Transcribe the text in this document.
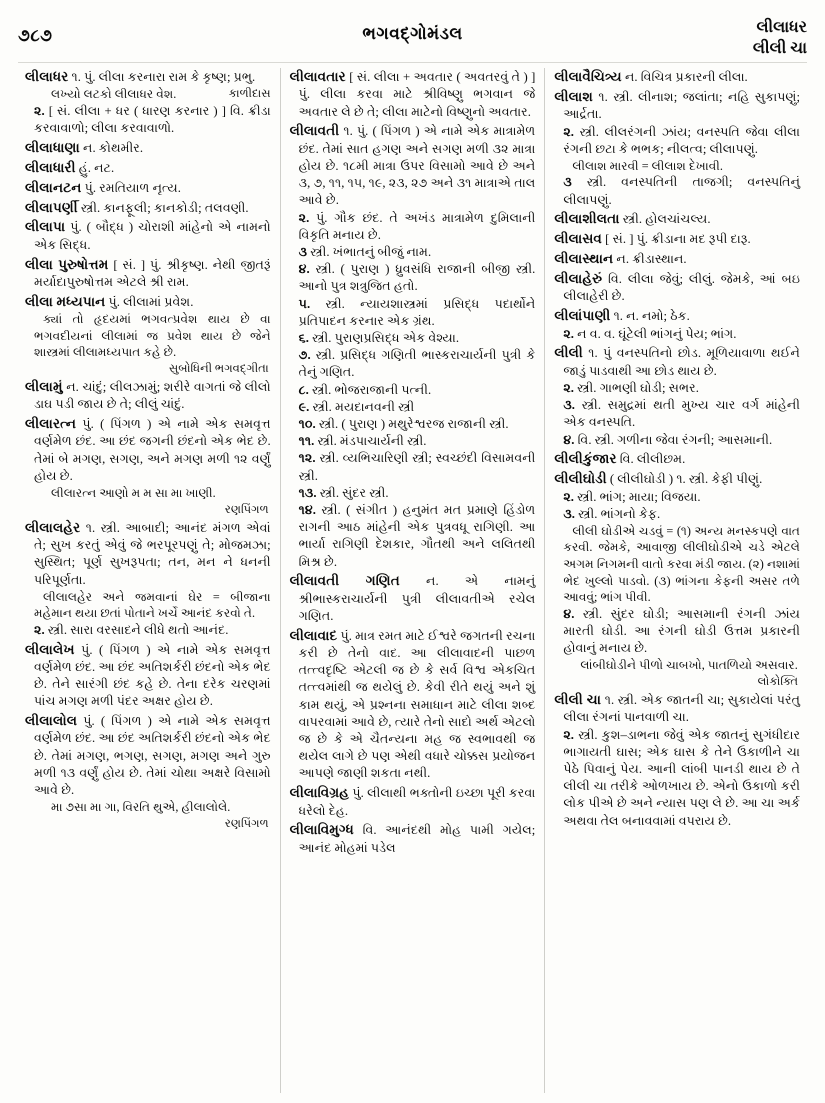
૭૮૭	ભગવદ્ગોમંડલ	લીલાધર
લીલી ચા

લીલાધર ૧. પું. લીલા કરનારા રામ કે કૃષ્ણ; પ્રભુ.

કાળીદાસ
લખ્યો લટકો લીલાધર વેશ.

૨. [ સં. લીલા + ધર ( ધારણ કરનાર ) ] વિ. ક્રીડા કરવાવાળો; લીલા કરવાવાળો.

લીલાધાણા ન. કોથમીર.

લીલાધારી હું. નટ.

લીલાનટન પુંં. રમતિયાળ નૃત્ય.

લીલાપર્ણી સ્ત્રી. કાનફૂલી; કાનકોડી; તલવણી.

લીલાપા પુંં. ( બૌદ્ધ ) ચોરાશી માંહેનો એ નામનો એક સિદ્ધ.

લીલા પુરુષોત્તમ [ સં. ] પું. શ્રીકૃષ્ણ. નેથી જીતરૂં મર્યાદાપુરુષોત્તમ એટલે શ્રી રામ.

લીલા મધ્યપાન પુંં. લીલામાં પ્રવેશ.

ક્યાં તો હૃદયમાં ભગવત્પ્રવેશ થાય છે વા ભગવદીયનાં લીલામાં જ પ્રવેશ થાય છે જેને શાસ્ત્રમાં લીલામધ્યપાત કહે છે.

સુબોધિની ભગવદ્‌ગીતા

લીલામું ન. ચાંદું; લીલઝામું; શરીરે વાગતાં જે લીલો ડાઘ પડી જાય છે તે; લીલું ચાંદું.

લીલારત્ન પુંં. ( પિંગળ ) એ નામે એક સમવૃત્ત વર્ણમેળ છંદ. આ છંદ જગની છંદનો એક ભેદ છે. તેમાં બે મગણ, સગણ, અને મગણ મળી ૧૨ વર્ણું હોય છે.

લીલારત્ન આણો મ મ સા મા ખાણી.

રણપિંગળ

લીલાલહેર ૧. સ્ત્રી. આબાદી; આનંદ મંગળ એવાં તે; સુખ કરતું એવું જે ભરપૂરપણું તે; મોજમઝા; સુસ્થિત; પૂર્ણ સુખરૂપતા; તન, મન ને ધનની પરિપૂર્ણતા.

લીલાલહેર અને જમવાનાં ઘેર = બીજાના મહેમાન થયા છતાં પોતાને ખર્ચે આનંદ કરવો તે.

૨. સ્ત્રી. સારા વરસાદને લીધે થતો આનંદ.

લીલાલેખ પુંં. ( પિંગળ ) એ નામે એક સમવૃત્ત વર્ણમેળ છંદ. આ છંદ અતિશર્કરી છંદનો એક ભેદ છે. તેને સારંગી છંદ કહે છે. તેના દરેક ચરણમાં પાંચ મગણ મળી પંદર અક્ષર હોય છે.

લીલાલોલ પુંં. ( પિંગળ ) એ નામે એક સમવૃત્ત વર્ણમેળ છંદ. આ છંદ અતિશર્કરી છંદનો એક ભેદ છે. તેમાં મગણ, ભગણ, સગણ, મગણ અને ગુરુ મળી ૧૩ વર્ણું હોય છે. તેમાં ચોથા અક્ષરે વિસામો આવે છે.

મા ૭સા મા ગા, વિરતિ થુએ, હીલાલોલે.

રણપિંગળ

લીલાવતાર [ સં. લીલા + અવતાર ( અવતરવું તે ) ] પુંં. લીલા કરવા માટે શ્રીવિષ્ણુ ભગવાન જે અવતાર લે છે તે; લીલા માટેનો વિષ્ણુનો અવતાર.

લીલાવતી ૧. પું. ( પિંગળ ) એ નામે એક માત્રામેળ છંદ. તેમાં સાત હગણ અને સગણ મળી ૩૨ માત્રા હોય છે. ૧૮મી માત્રા ઉપર વિસામો આવે છે અને ૩, ૭, ૧૧, ૧૫, ૧૯, ૨૩, ૨૭ અને ૩૧ માત્રાએ તાલ આવે છે.

૨. પુંં. ગૌક છંદ. તે અખંડ માત્રામેળ દુમિલાની વિકૃતિ મનાય છે.

૩ સ્ત્રી. ખંભાતનું બીજું નામ.

૪. સ્ત્રી. ( પુરાણ ) ધ્રુવસંધિ રાજાની બીજી સ્ત્રી. આનો પુત્ર શત્રુજિત હતો.

૫. સ્ત્રી. ન્યાયશાસ્ત્રમાં પ્રસિદ્ધ પદાર્થોને પ્રતિપાદન કરનાર એક ગ્રંથ.

૬. સ્ત્રી. પુરાણપ્રસિદ્ધ એક વેશ્યા.

૭. સ્ત્રી. પ્રસિદ્ધ ગણિતી ભાસ્કરાચાર્યની પુત્રી કે તેનું ગણિત.

૮. સ્ત્રી. ભોજરાજાની પત્ની.

૯. સ્ત્રી. મયદાનવની સ્ત્રી

૧૦. સ્ત્રી. ( પુરાણ ) મથુરેશ્વરજ રાજાની સ્ત્રી.

૧૧. સ્ત્રી. મંડપાચાર્યની સ્ત્રી.

૧૨. સ્ત્રી. વ્યભિચારિણી સ્ત્રી; સ્વચ્છંદી વિસામવની સ્ત્રી.

૧૩. સ્ત્રી. સુંદર સ્ત્રી.

૧૪. સ્ત્રી. ( સંગીત ) હનુમંત મત પ્રમાણે હિંડોળ રાગની આઠ માંહેની એક પુત્રવધૂ રાગિણી. આ ભાર્યા રાગિણી દેશકાર, ગૌતથી અને લલિતથી મિશ્ર છે.

લીલાવતી ગણિત ન. એ નામનું શ્રીભાસ્કરાચાર્યની પુત્રી લીલાવતીએ રચેલ ગણિત.

લીલાવાદ પુંં. માત્ર રમત માટે ઈશ્વરે જગતની રચના કરી છે તેનો વાદ. આ લીલાવાદની પાછળ તત્ત્વદૃષ્ટિ એટલી જ છે કે સર્વ વિશ્વ એકચિત તત્ત્વમાંથી જ થયેલું છે. કેવી રીતે થયું અને શું કામ થયું, એ પ્રશ્નના સમાધાન માટે લીલા શબ્દ વાપરવામાં આવે છે, ત્યારે તેનો સાદો અર્થ એટલો જ છે કે એ ચૈતન્યના મહ જ સ્વભાવથી જ થયેલ લાગે છે પણ એથી વધારે ચોક્કસ પ્રયોજન આપણે જાણી શકતા નથી.

લીલાવિગ્રહ પુંં. લીલાથી ભક્તોની ઇચ્છા પૂરી કરવા ધરેલો દેહ.

લીલાવિમુગ્ધ વિ. આનંદથી મોહ પામી ગયેલ; આનંદ મોહમાં પડેલ

લીલાવૈચિત્ર્ય ન. વિચિત્ર પ્રકારની લીલા.

લીલાશ ૧. સ્ત્રી. લીનાશ; જલાંતા; નહિ સુકાપણું; આર્દ્રતા.

૨. સ્ત્રી. લીલરંગની ઝાંય; વનસ્પતિ જેવા લીલા રંગની છટા કે ભભક; નીલત્વ; લીલાપણું.

લીલાશ મારવી = લીલાશ દેખાવી.

૩ સ્ત્રી. વનસ્પતિની તાજગી; વનસ્પતિનું લીલાપણું.

લીલાશીલતા સ્ત્રી. હોલચાંચલ્ય.

લીલાસવ [ સં. ] પુંં. ક્રીડાના મદ રૂપી દારૂ.

લીલાસ્થાન ન. ક્રીડાસ્થાન.

લીલાહેરું વિ. લીલા જેવું; લીલું. જેમકે, આં બઇ લીલાહેરી છે.

લીલાંપાણી ૧. ન. નમો; ઠેક.

૨. ન વ. વ. ઘૂંટેલી ભાંગનું પેય; ભાંગ.

લીલી ૧. પુંં વનસ્પતિનો છોડ. મૂળિયાવાળા થઈને જાડું પાડવાથી આ છોડ થાય છે.

૨. સ્ત્રી. ગાભણી ઘોડી; સભર.

૩. સ્ત્રી. સમુદ્રમાં થતી મુખ્ય ચાર વર્ગ માંહેની એક વનસ્પતિ.

૪. વિ. સ્ત્રી. ગળીના જેવા રંગની; આસમાની.

લીલીકુંજાર વિ. લીલીછમ.

લીલીઘોડી ( લીલીઘોડી ) ૧. સ્ત્રી. કેફી પીણું.

૨. સ્ત્રી. ભાંગ; માયા; વિજયા.

૩. સ્ત્રી. ભાંગનો કેફ.

લીલી ઘોડીએ ચડવું = (૧) અન્ય મનસ્કપણે વાત કરવી. જેમકે, આવાજી લીલીઘોડીએ ચડે એટલે અગમ નિગમની વાતો કરવા મંડી જાય. (૨) નશામાં ભેદ ખુલ્લો પાડવો. (૩) ભાંગના કેફની અસર તળે આવવું; ભાંગ પીવી.

૪. સ્ત્રી. સુંદર ઘોડી; આસમાની રંગની ઝાંય મારતી ઘોડી. આ રંગની ઘોડી ઉત્તમ પ્રકારની હોવાનું મનાય છે.

લાંબીઘોડીને પીળો ચાબખો, પાતળિયો અસવાર.

લોકોક્તિ

લીલી ચા ૧. સ્ત્રી. એક જાતની ચા; સુકાયેલાં પરંતુ લીલા રંગનાં પાનવાળી ચા.

૨. સ્ત્રી. કુશ–ડાભના જેવું એક જાતનું સુગંધીદાર ભાગાયતી ઘાસ; એક ઘાસ કે તેને ઉકાળીને ચા પેઠે પિવાનું પેય. આની લાંબી પાનડી થાય છે તે લીલી ચા તરીકે ઓળખાય છે. એનો ઉકાળો કરી લોક પીએ છે અને ન્યાસ પણ લે છે. આ ચા અર્ક અથવા તેલ બનાવવામાં વપરાય છે.
